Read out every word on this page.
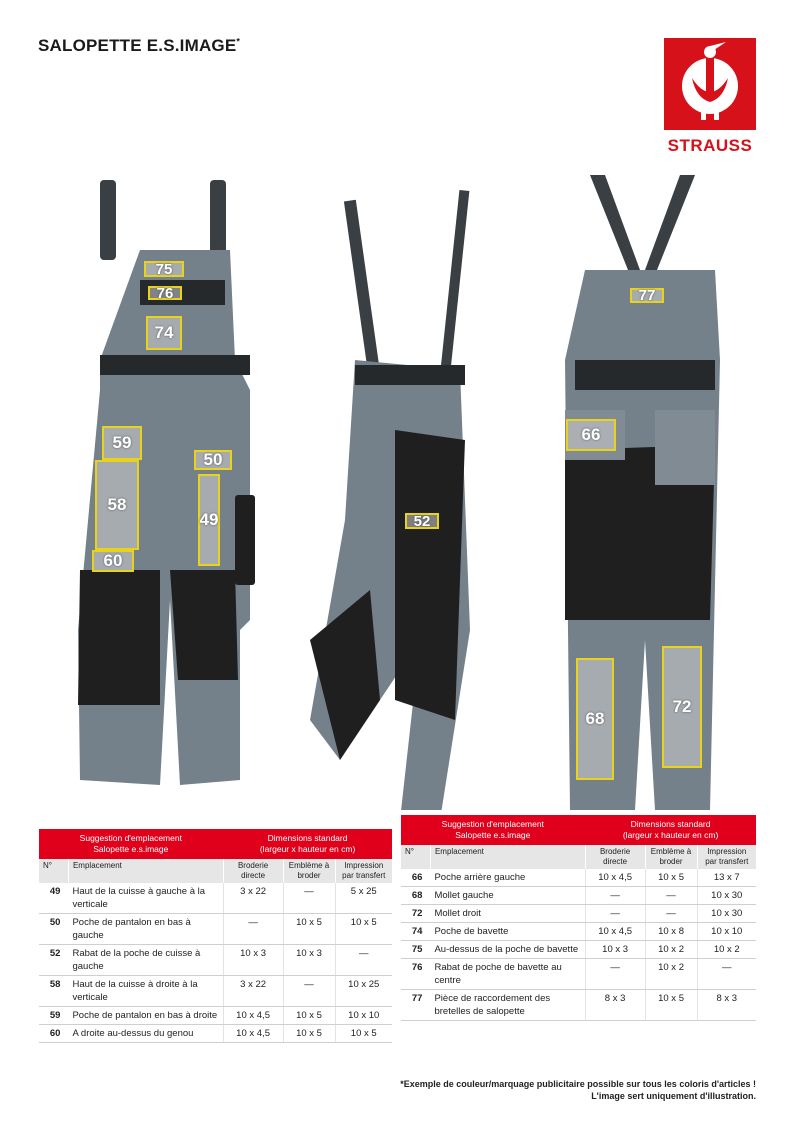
SALOPETTE E.S.IMAGE*
STRAUSS
75
76
74
59
50
58
49
60
52
77
66
68
72
Suggestion d'emplacement
Salopette e.s.image		Dimensions standard
(largeur x hauteur en cm)		
N°	Emplacement	Broderie directe	Emblème à broder	Impression par transfert
49	Haut de la cuisse à gauche à la verticale	3 x 22	—	5 x 25
50	Poche de pantalon en bas à gauche	—	10 x 5	10 x 5
52	Rabat de la poche de cuisse à gauche	10 x 3	10 x 3	—
58	Haut de la cuisse à droite à la verticale	3 x 22	—	10 x 25
59	Poche de pantalon en bas à droite	10 x 4,5	10 x 5	10 x 10
60	A droite au-dessus du genou	10 x 4,5	10 x 5	10 x 5
Suggestion d'emplacement
Salopette e.s.image		Dimensions standard
(largeur x hauteur en cm)		
N°	Emplacement	Broderie directe	Emblème à broder	Impression par transfert
66	Poche arrière gauche	10 x 4,5	10 x 5	13 x 7
68	Mollet gauche	—	—	10 x 30
72	Mollet droit	—	—	10 x 30
74	Poche de bavette	10 x 4,5	10 x 8	10 x 10
75	Au-dessus de la poche de bavette	10 x 3	10 x 2	10 x 2
76	Rabat de poche de bavette au centre	—	10 x 2	—
77	Pièce de raccordement des bretelles de salopette	8 x 3	10 x 5	8 x 3
*Exemple de couleur/marquage publicitaire possible sur tous les coloris d'articles !
L'image sert uniquement d'illustration.
